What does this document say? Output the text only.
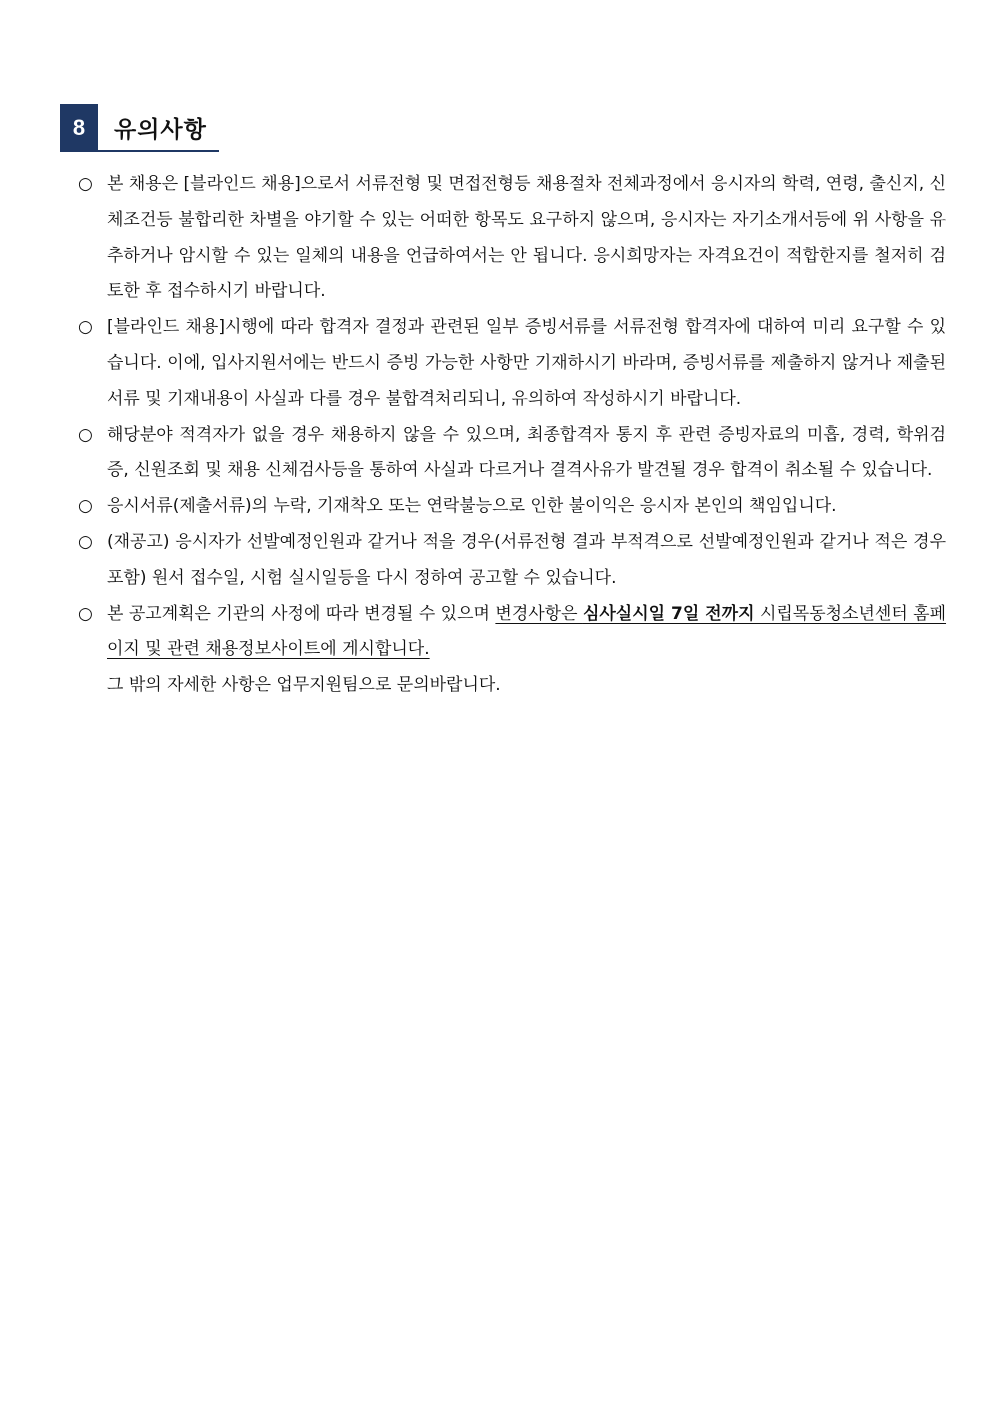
8	유의사항
○ 본 채용은 [블라인드 채용]으로서 서류전형 및 면접전형등 채용절차 전체과정에서 응시자의 학력, 연령, 출신지, 신체조건등 불합리한 차별을 야기할 수 있는 어떠한 항목도 요구하지 않으며, 응시자는 자기소개서등에 위 사항을 유추하거나 암시할 수 있는 일체의 내용을 언급하여서는 안 됩니다. 응시희망자는 자격요건이 적합한지를 철저히 검토한 후 접수하시기 바랍니다.
○ [블라인드 채용]시행에 따라 합격자 결정과 관련된 일부 증빙서류를 서류전형 합격자에 대하여 미리 요구할 수 있습니다. 이에, 입사지원서에는 반드시 증빙 가능한 사항만 기재하시기 바라며, 증빙서류를 제출하지 않거나 제출된 서류 및 기재내용이 사실과 다를 경우 불합격처리되니, 유의하여 작성하시기 바랍니다.
○ 해당분야 적격자가 없을 경우 채용하지 않을 수 있으며, 최종합격자 통지 후 관련 증빙자료의 미흡, 경력, 학위검증, 신원조회 및 채용 신체검사등을 통하여 사실과 다르거나 결격사유가 발견될 경우 합격이 취소될 수 있습니다.
○ 응시서류(제출서류)의 누락, 기재착오 또는 연락불능으로 인한 불이익은 응시자 본인의 책임입니다.
○ (재공고) 응시자가 선발예정인원과 같거나 적을 경우(서류전형 결과 부적격으로 선발예정인원과 같거나 적은 경우 포함) 원서 접수일, 시험 실시일등을 다시 정하여 공고할 수 있습니다.
○ 본 공고계획은 기관의 사정에 따라 변경될 수 있으며 변경사항은 심사실시일 7일 전까지 시립목동청소년센터 홈페이지 및 관련 채용정보사이트에 게시합니다.
그 밖의 자세한 사항은 업무지원팀으로 문의바랍니다.
